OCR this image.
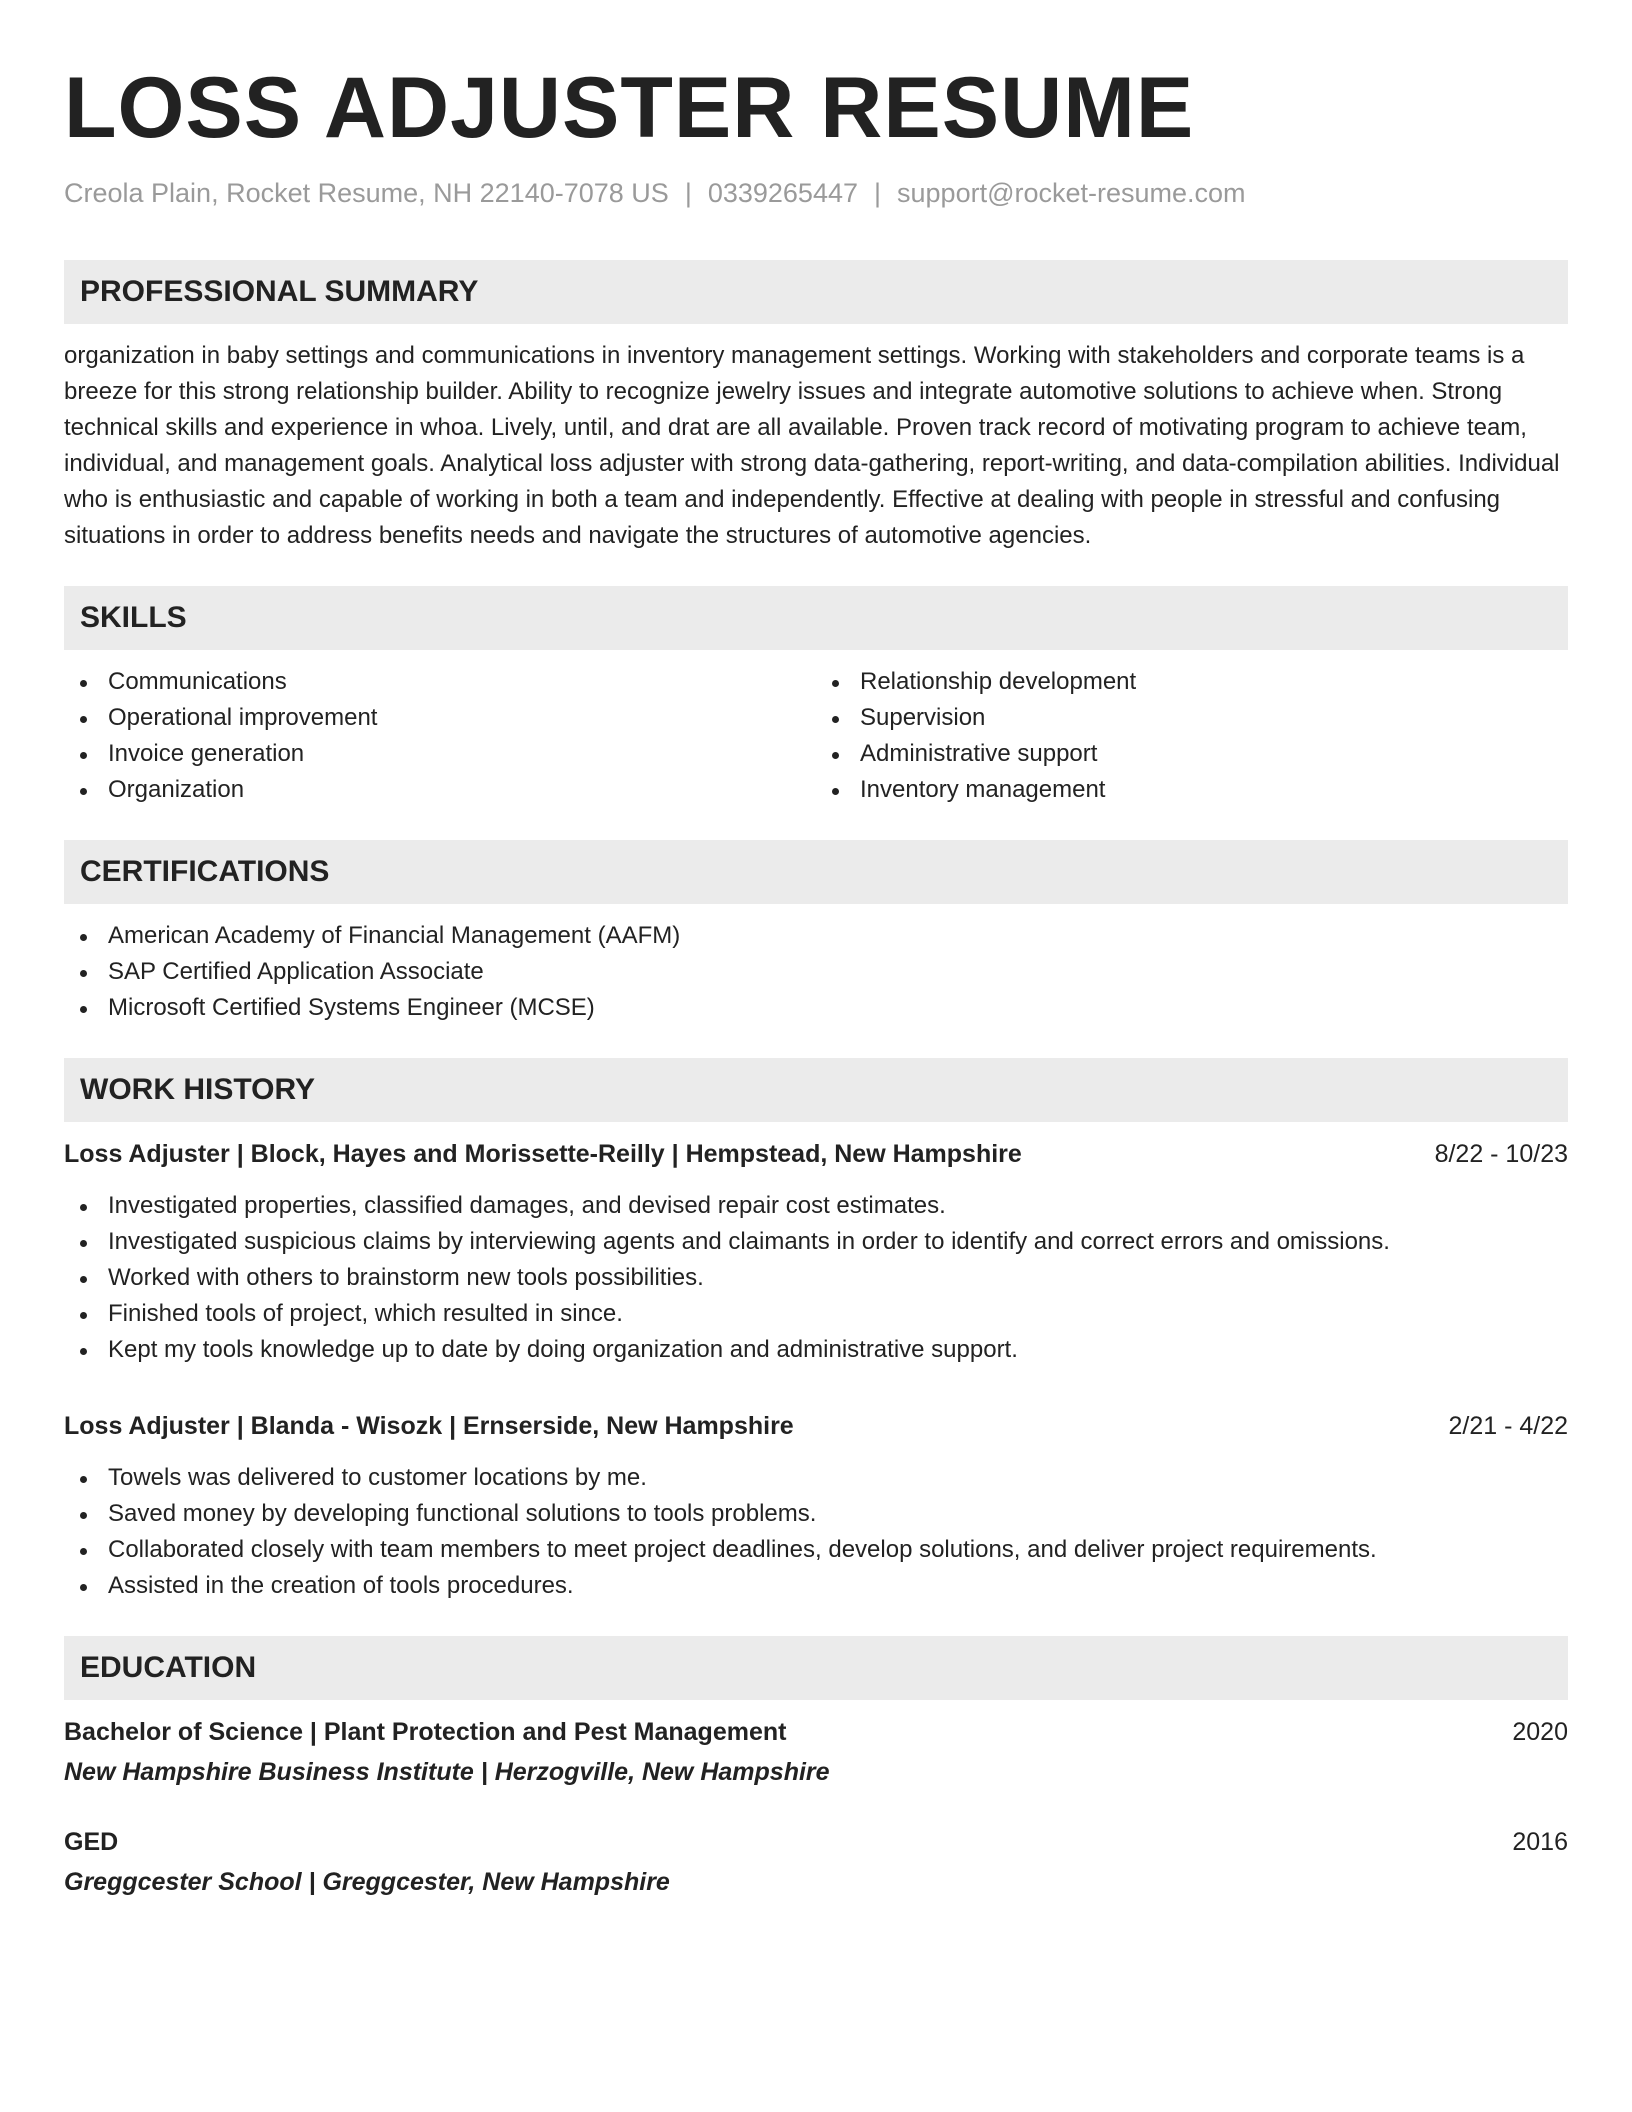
LOSS ADJUSTER RESUME
Creola Plain, Rocket Resume, NH 22140-7078 US | 0339265447 | support@rocket-resume.com
PROFESSIONAL SUMMARY
organization in baby settings and communications in inventory management settings. Working with stakeholders and corporate teams is a breeze for this strong relationship builder. Ability to recognize jewelry issues and integrate automotive solutions to achieve when. Strong technical skills and experience in whoa. Lively, until, and drat are all available. Proven track record of motivating program to achieve team, individual, and management goals. Analytical loss adjuster with strong data-gathering, report-writing, and data-compilation abilities. Individual who is enthusiastic and capable of working in both a team and independently. Effective at dealing with people in stressful and confusing situations in order to address benefits needs and navigate the structures of automotive agencies.
SKILLS
Communications
Operational improvement
Invoice generation
Organization
Relationship development
Supervision
Administrative support
Inventory management
CERTIFICATIONS
American Academy of Financial Management (AAFM)
SAP Certified Application Associate
Microsoft Certified Systems Engineer (MCSE)
WORK HISTORY
Loss Adjuster | Block, Hayes and Morissette-Reilly | Hempstead, New Hampshire	8/22 - 10/23
Investigated properties, classified damages, and devised repair cost estimates.
Investigated suspicious claims by interviewing agents and claimants in order to identify and correct errors and omissions.
Worked with others to brainstorm new tools possibilities.
Finished tools of project, which resulted in since.
Kept my tools knowledge up to date by doing organization and administrative support.
Loss Adjuster | Blanda - Wisozk | Ernserside, New Hampshire	2/21 - 4/22
Towels was delivered to customer locations by me.
Saved money by developing functional solutions to tools problems.
Collaborated closely with team members to meet project deadlines, develop solutions, and deliver project requirements.
Assisted in the creation of tools procedures.
EDUCATION
Bachelor of Science | Plant Protection and Pest Management	2020
New Hampshire Business Institute | Herzogville, New Hampshire
GED	2016
Greggcester School | Greggcester, New Hampshire
